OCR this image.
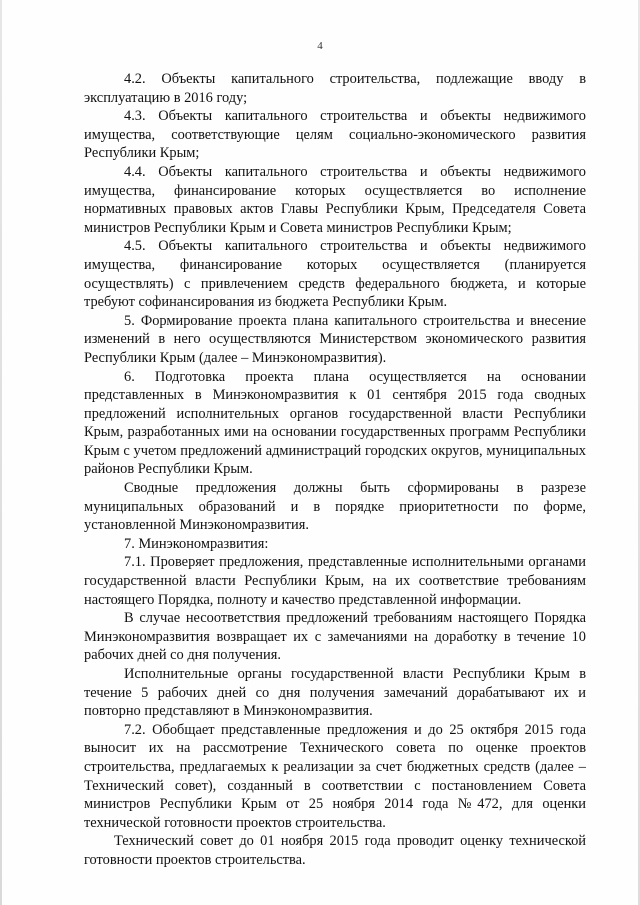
4

4.2. Объекты капитального строительства, подлежащие вводу в эксплуатацию в 2016 году;

4.3. Объекты капитального строительства и объекты недвижимого имущества, соответствующие целям социально-экономического развития Республики Крым;

4.4. Объекты капитального строительства и объекты недвижимого имущества, финансирование которых осуществляется во исполнение нормативных правовых актов Главы Республики Крым, Председателя Совета министров Республики Крым и Совета министров Республики Крым;

4.5. Объекты капитального строительства и объекты недвижимого имущества, финансирование которых осуществляется (планируется осуществлять) с привлечением средств федерального бюджета, и которые требуют софинансирования из бюджета Республики Крым.

5. Формирование проекта плана капитального строительства и внесение изменений в него осуществляются Министерством экономического развития Республики Крым (далее – Минэкономразвития).

6. Подготовка проекта плана осуществляется на основании представленных в Минэкономразвития к 01 сентября 2015 года сводных предложений исполнительных органов государственной власти Республики Крым, разработанных ими на основании государственных программ Республики Крым с учетом предложений администраций городских округов, муниципальных районов Республики Крым.

Сводные предложения должны быть сформированы в разрезе муниципальных образований и в порядке приоритетности по форме, установленной Минэкономразвития.

7. Минэкономразвития:

7.1. Проверяет предложения, представленные исполнительными органами государственной власти Республики Крым, на их соответствие требованиям настоящего Порядка, полноту и качество представленной информации.

В случае несоответствия предложений требованиям настоящего Порядка Минэкономразвития возвращает их с замечаниями на доработку в течение 10 рабочих дней со дня получения.

Исполнительные органы государственной власти Республики Крым в течение 5 рабочих дней со дня получения замечаний дорабатывают их и повторно представляют в Минэкономразвития.

7.2. Обобщает представленные предложения и до 25 октября 2015 года выносит их на рассмотрение Технического совета по оценке проектов строительства, предлагаемых к реализации за счет бюджетных средств (далее – Технический совет), созданный в соответствии с постановлением Совета министров Республики Крым от 25 ноября 2014 года №472, для оценки технической готовности проектов строительства.

Технический совет до 01 ноября 2015 года проводит оценку технической готовности проектов строительства.
